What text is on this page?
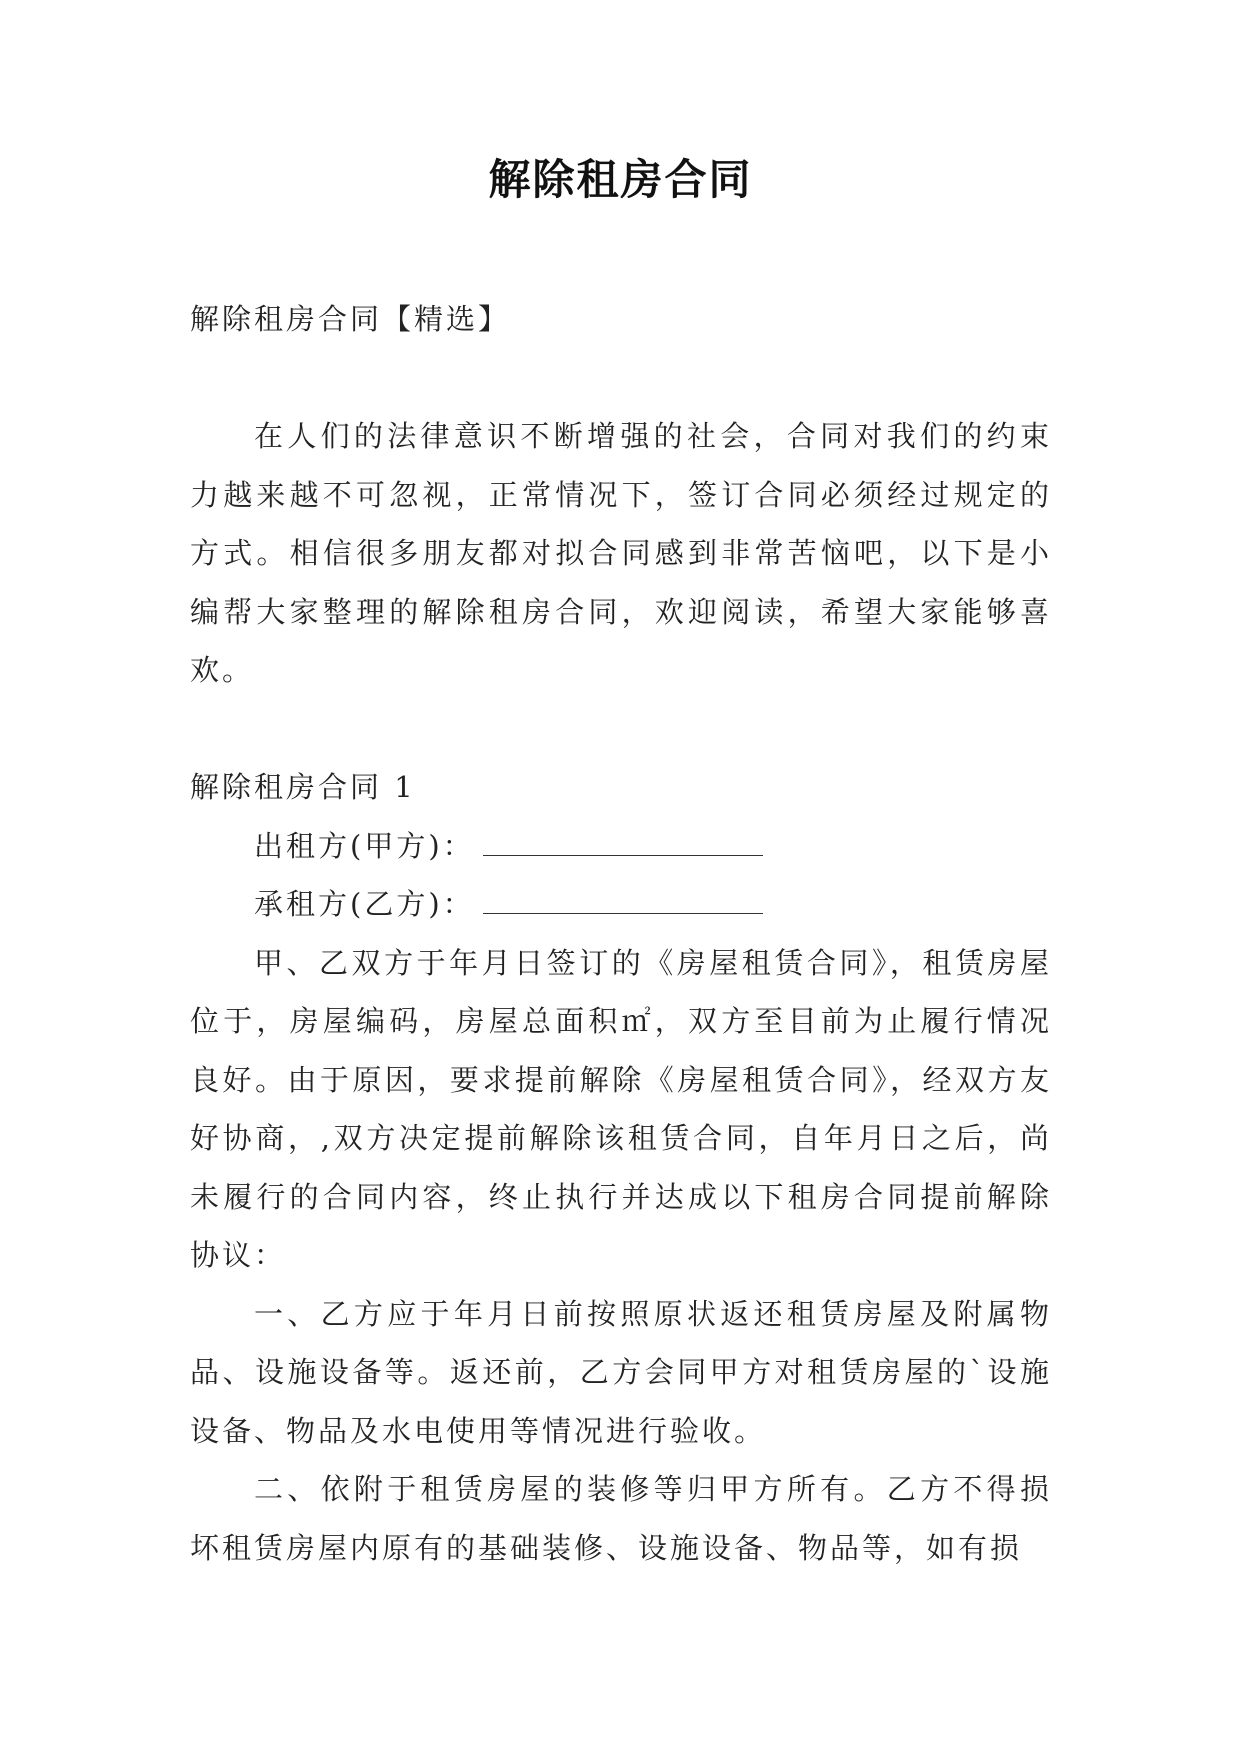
解除租房合同
解除租房合同【精选】
在人们的法律意识不断增强的社会，合同对我们的约束力越来越不可忽视，正常情况下，签订合同必须经过规定的方式。相信很多朋友都对拟合同感到非常苦恼吧，以下是小编帮大家整理的解除租房合同，欢迎阅读，希望大家能够喜欢。
解除租房合同 1
出租方(甲方)：
承租方(乙方)：
甲、乙双方于年月日签订的《房屋租赁合同》，租赁房屋位于，房屋编码，房屋总面积㎡，双方至目前为止履行情况良好。由于原因，要求提前解除《房屋租赁合同》，经双方友好协商，,双方决定提前解除该租赁合同，自年月日之后，尚未履行的合同内容，终止执行并达成以下租房合同提前解除协议：
一、乙方应于年月日前按照原状返还租赁房屋及附属物品、设施设备等。返还前，乙方会同甲方对租赁房屋的`设施设备、物品及水电使用等情况进行验收。
二、依附于租赁房屋的装修等归甲方所有。乙方不得损坏租赁房屋内原有的基础装修、设施设备、物品等，如有损
